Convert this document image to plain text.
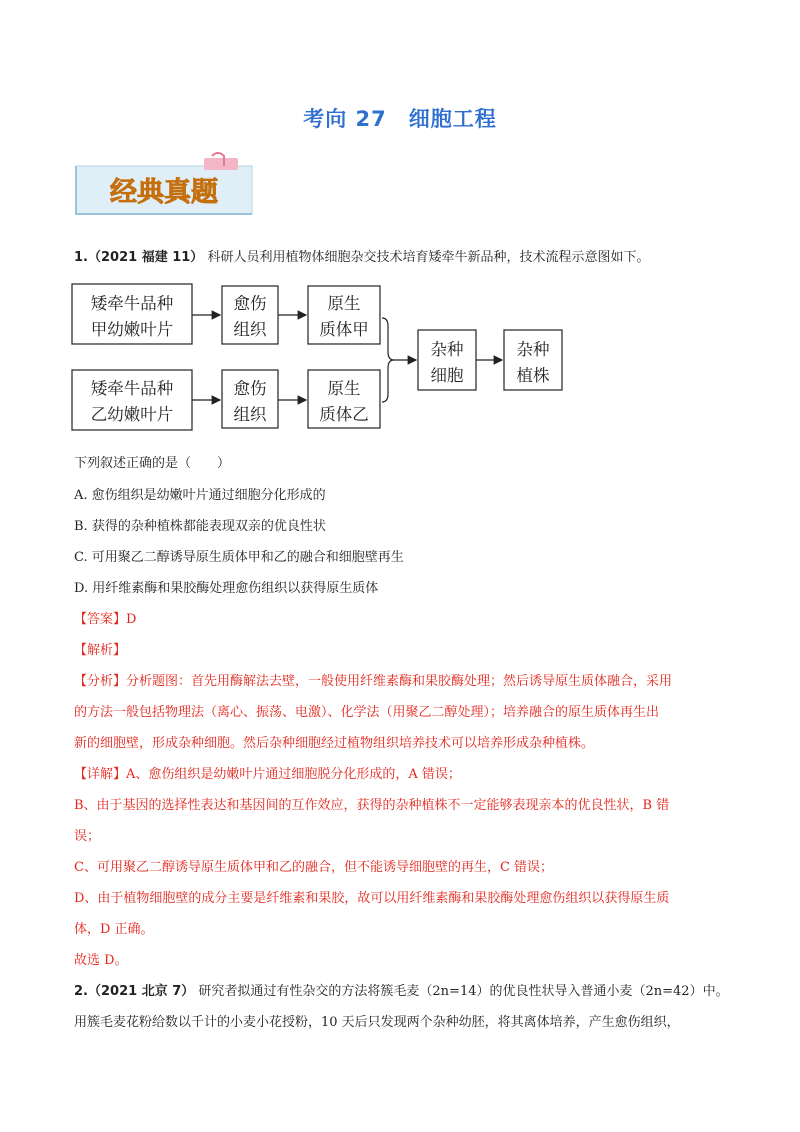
考向 27　细胞工程
经典真题
1.（2021 福建 11） 科研人员利用植物体细胞杂交技术培育矮牵牛新品种，技术流程示意图如下。
矮牵牛品种
甲幼嫩叶片
愈伤
组织
原生
质体甲
矮牵牛品种
乙幼嫩叶片
愈伤
组织
原生
质体乙
杂种
细胞
杂种
植株
下列叙述正确的是（　　）
A. 愈伤组织是幼嫩叶片通过细胞分化形成的
B. 获得的杂种植株都能表现双亲的优良性状
C. 可用聚乙二醇诱导原生质体甲和乙的融合和细胞壁再生
D. 用纤维素酶和果胶酶处理愈伤组织以获得原生质体
【答案】D
【解析】
【分析】分析题图：首先用酶解法去壁，一般使用纤维素酶和果胶酶处理；然后诱导原生质体融合，采用
的方法一般包括物理法（离心、振荡、电激）、化学法（用聚乙二醇处理）；培养融合的原生质体再生出
新的细胞壁，形成杂种细胞。然后杂种细胞经过植物组织培养技术可以培养形成杂种植株。
【详解】A、愈伤组织是幼嫩叶片通过细胞脱分化形成的，A 错误；
B、由于基因的选择性表达和基因间的互作效应，获得的杂种植株不一定能够表现亲本的优良性状，B 错
误；
C、可用聚乙二醇诱导原生质体甲和乙的融合，但不能诱导细胞壁的再生，C 错误；
D、由于植物细胞壁的成分主要是纤维素和果胶，故可以用纤维素酶和果胶酶处理愈伤组织以获得原生质
体，D 正确。
故选 D。
2.（2021 北京 7） 研究者拟通过有性杂交的方法将簇毛麦（2n=14）的优良性状导入普通小麦（2n=42）中。
用簇毛麦花粉给数以千计的小麦小花授粉，10 天后只发现两个杂种幼胚，将其离体培养，产生愈伤组织，
